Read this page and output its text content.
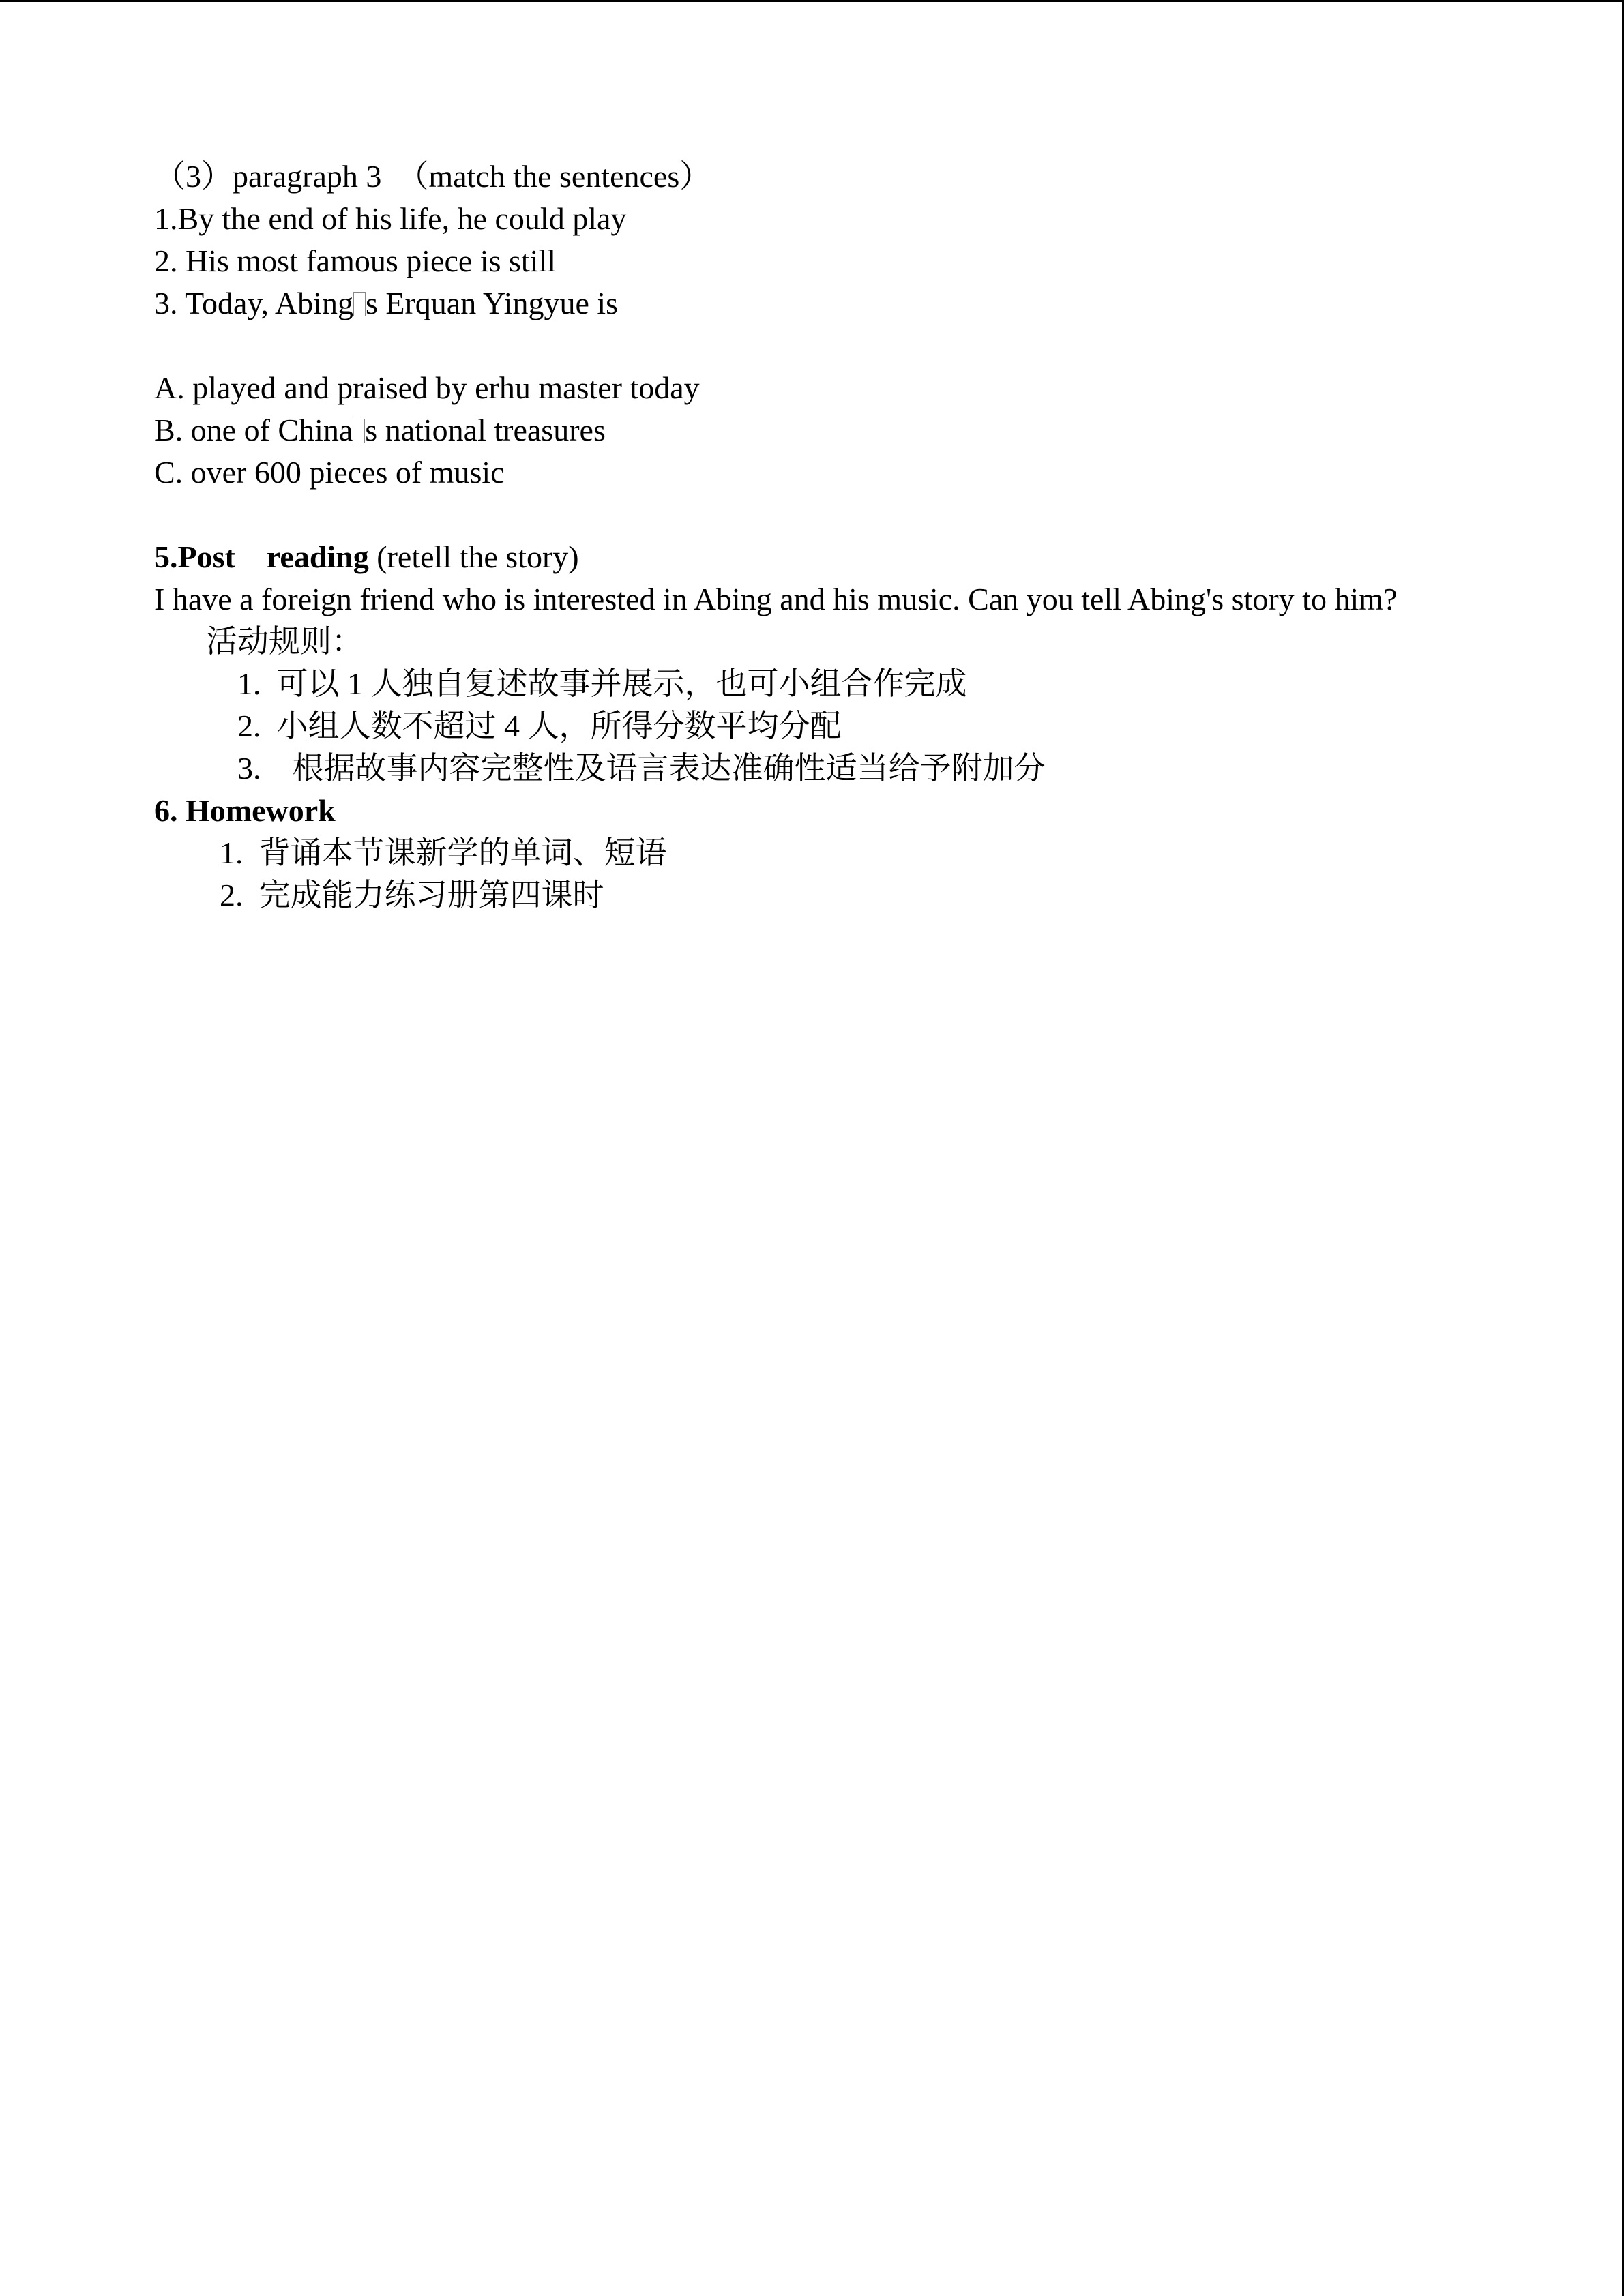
（3）paragraph 3　（match the sentences）
1.By the end of his life, he could play
2. His most famous piece is still
3. Today, Abing s Erquan Yingyue is
A. played and praised by erhu master today
B. one of China s national treasures
C. over 600 pieces of music
5.Post　reading (retell the story)
I have a foreign friend who is interested in Abing and his music. Can you tell Abing's story to him?
活动规则：
1.  可以 1 人独自复述故事并展示，也可小组合作完成
2.  小组人数不超过 4 人，所得分数平均分配
3.    根据故事内容完整性及语言表达准确性适当给予附加分
6. Homework
1.  背诵本节课新学的单词、短语
2.  完成能力练习册第四课时
